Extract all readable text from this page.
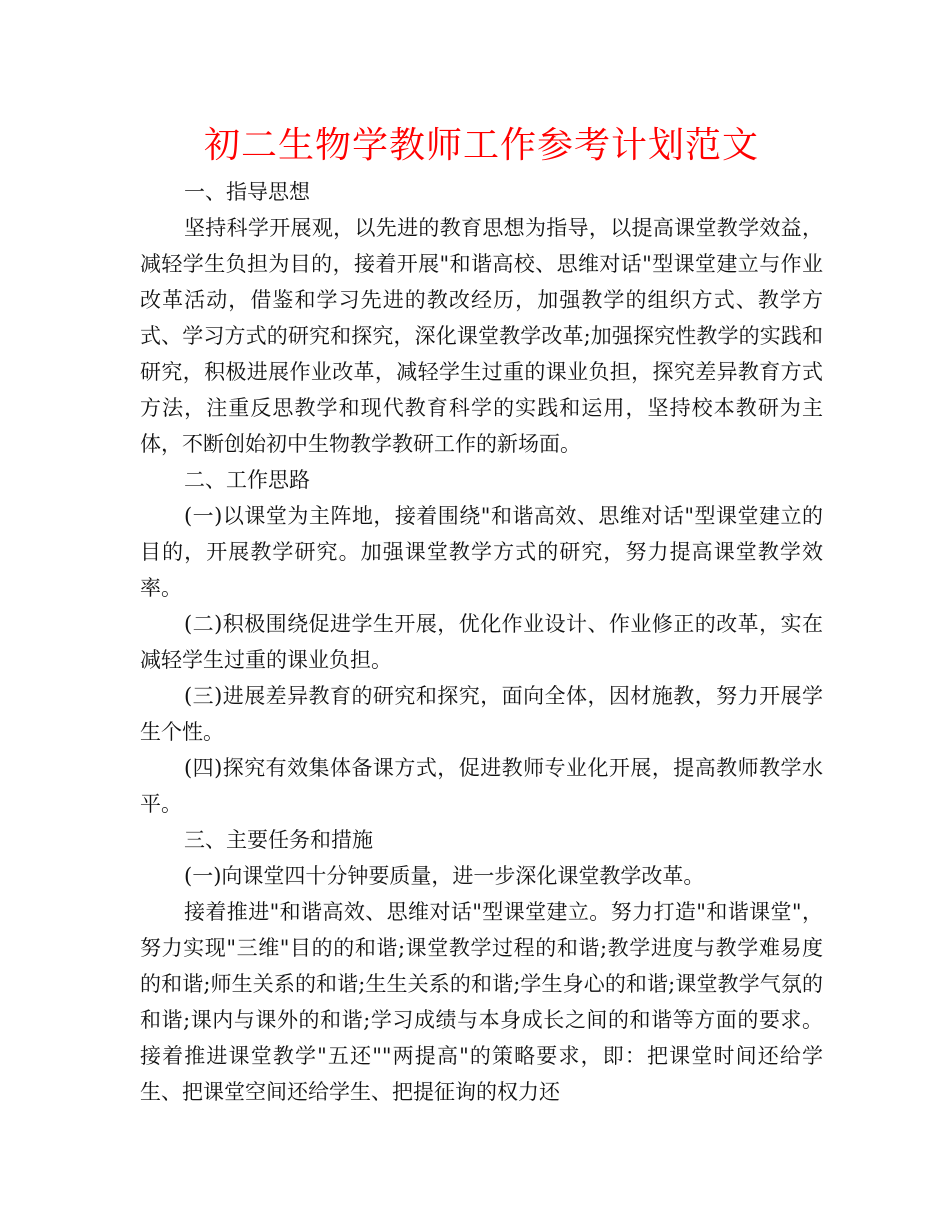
初二生物学教师工作参考计划范文

一、指导思想

坚持科学开展观，以先进的教育思想为指导，以提高课堂教学效益，减轻学生负担为目的，接着开展"和谐高校、思维对话"型课堂建立与作业改革活动，借鉴和学习先进的教改经历，加强教学的组织方式、教学方式、学习方式的研究和探究，深化课堂教学改革;加强探究性教学的实践和研究，积极进展作业改革，减轻学生过重的课业负担，探究差异教育方式方法，注重反思教学和现代教育科学的实践和运用，坚持校本教研为主体，不断创始初中生物教学教研工作的新场面。

二、工作思路

(一)以课堂为主阵地，接着围绕"和谐高效、思维对话"型课堂建立的目的，开展教学研究。加强课堂教学方式的研究，努力提高课堂教学效率。

(二)积极围绕促进学生开展，优化作业设计、作业修正的改革，实在减轻学生过重的课业负担。

(三)进展差异教育的研究和探究，面向全体，因材施教，努力开展学生个性。

(四)探究有效集体备课方式，促进教师专业化开展，提高教师教学水平。

三、主要任务和措施

(一)向课堂四十分钟要质量，进一步深化课堂教学改革。

接着推进"和谐高效、思维对话"型课堂建立。努力打造"和谐课堂"，努力实现"三维"目的的和谐;课堂教学过程的和谐;教学进度与教学难易度的和谐;师生关系的和谐;生生关系的和谐;学生身心的和谐;课堂教学气氛的和谐;课内与课外的和谐;学习成绩与本身成长之间的和谐等方面的要求。接着推进课堂教学"五还""两提高"的策略要求，即：把课堂时间还给学生、把课堂空间还给学生、把提征询的权力还
